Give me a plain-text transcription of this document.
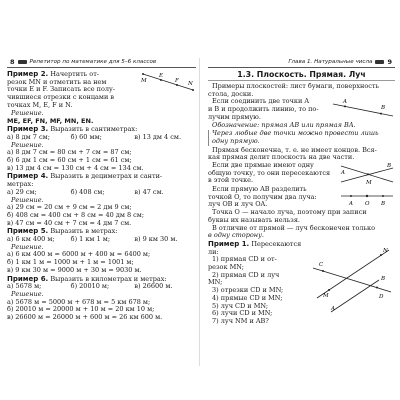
8	Репетитор по математике для 5–6 классов

Пример 2. Начертить от-

резок MN и отметить на нем

точки E и F. Записать все полу-

M
E
F N

чившиеся отрезки с концами в

точках M, E, F и N.

Решение.

ME, EF, FN, MF, MN, EN.

Пример 3. Выразить в сантиметрах:

а) 8 дм 7 см;	б) 60 мм;	в) 13 дм 4 см.

Решение.

а) 8 дм 7 см = 80 см + 7 см = 87 см;

б) 6 дм 1 см = 60 см + 1 см = 61 см;

в) 13 дм 4 см = 130 см + 4 см = 134 см.

Пример 4. Выразить в дециметрах и санти-

метрах:

а) 29 см;	б) 408 см;	в) 47 см.

Решение.

а) 29 см = 20 см + 9 см = 2 дм 9 см;

б) 408 см = 400 см + 8 см = 40 дм 8 см;

в) 47 см = 40 см + 7 см = 4 дм 7 см.

Пример 5. Выразить в метрах:

а) 6 км 400 м;	б) 1 км 1 м;	в) 9 км 30 м.

Решение.

а) 6 км 400 м = 6000 м + 400 м = 6400 м;

б) 1 км 1 м = 1000 м + 1 м = 1001 м;

в) 9 км 30 м = 9000 м + 30 м = 9030 м.

Пример 6. Выразить в километрах и метрах:

а) 5678 м;	б) 20010 м;	в) 26600 м.

Решение.

а) 5678 м = 5000 м + 678 м = 5 км 678 м;

б) 20010 м = 20000 м + 10 м = 20 км 10 м;

в) 26600 м = 26000 м + 600 м = 26 км 600 м.

Глава 1. Натуральные числа 9
1.3. Плоскость. Прямая. Луч

Примеры плоскостей: лист бумаги, поверхность

стола, доски.

Если соединить две точки A

и B и продолжить линию, то по-

лучим прямую.

A
B

Обозначение: прямая AB или прямая BA.

Через любые две точки можно провести лишь

одну прямую.

Прямая бесконечна, т. е. не имеет концов. Вся-

кая прямая делит плоскость на две части.

Если две прямые имеют одну

общую точку, то они пересекаются

в этой точке.	M
B
A

Если прямую AB разделить

точкой O, то получим два луча:

луч OB и луч OA.	A O B

Точка O — начало луча, поэтому при записи

буквы их называть нельзя.

В отличие от прямой — луч бесконечен только

в одну сторону.

Пример 1. Пересекаются ли:

1) прямая CD и от-

резок MN;

2) прямая CD и луч

MN;

3) отрезки CD и MN;

4) прямые CD и MN;

5) луч CD и MN;

6) лучи CD и MN;

7) луч NM и AB?

M
N
C
D
A
B
